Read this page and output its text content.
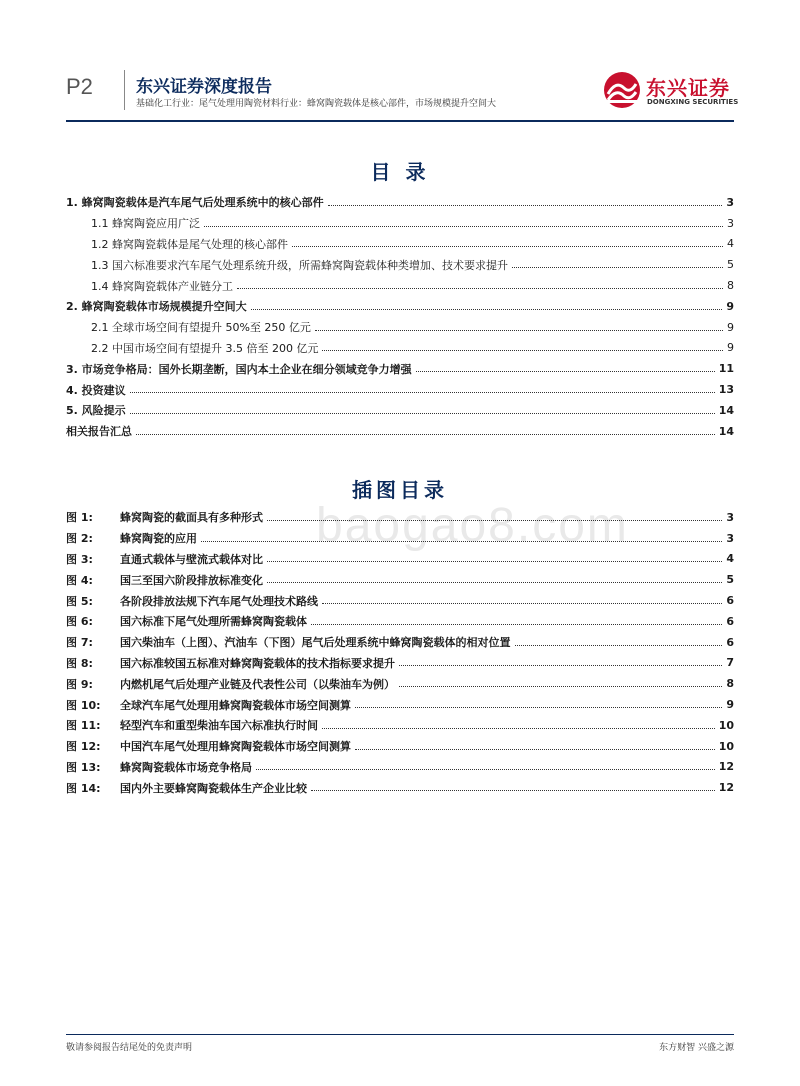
P2	东兴证券深度报告
基础化工行业：尾气处理用陶瓷材料行业：蜂窝陶瓷载体是核心部件，市场规模提升空间大
东兴证券
DONGXING SECURITIES
baogao8.com
目 录
1. 蜂窝陶瓷载体是汽车尾气后处理系统中的核心部件	3
1.1 蜂窝陶瓷应用广泛	3
1.2 蜂窝陶瓷载体是尾气处理的核心部件	4
1.3 国六标准要求汽车尾气处理系统升级，所需蜂窝陶瓷载体种类增加、技术要求提升	5
1.4 蜂窝陶瓷载体产业链分工	8
2. 蜂窝陶瓷载体市场规模提升空间大	9
2.1 全球市场空间有望提升 50%至 250 亿元	9
2.2 中国市场空间有望提升 3.5 倍至 200 亿元	9
3. 市场竞争格局：国外长期垄断，国内本土企业在细分领域竞争力增强	11
4. 投资建议	13
5. 风险提示	14
相关报告汇总	14
插图目录
图 1: 蜂窝陶瓷的截面具有多种形式	3
图 2: 蜂窝陶瓷的应用	3
图 3: 直通式载体与壁流式载体对比	4
图 4: 国三至国六阶段排放标准变化	5
图 5: 各阶段排放法规下汽车尾气处理技术路线	6
图 6: 国六标准下尾气处理所需蜂窝陶瓷载体	6
图 7: 国六柴油车（上图）、汽油车（下图）尾气后处理系统中蜂窝陶瓷载体的相对位置	6
图 8: 国六标准较国五标准对蜂窝陶瓷载体的技术指标要求提升	7
图 9: 内燃机尾气后处理产业链及代表性公司（以柴油车为例）	8
图 10: 全球汽车尾气处理用蜂窝陶瓷载体市场空间测算	9
图 11: 轻型汽车和重型柴油车国六标准执行时间	10
图 12: 中国汽车尾气处理用蜂窝陶瓷载体市场空间测算	10
图 13: 蜂窝陶瓷载体市场竞争格局	12
图 14: 国内外主要蜂窝陶瓷载体生产企业比较	12
敬请参阅报告结尾处的免责声明	东方财智 兴盛之源
